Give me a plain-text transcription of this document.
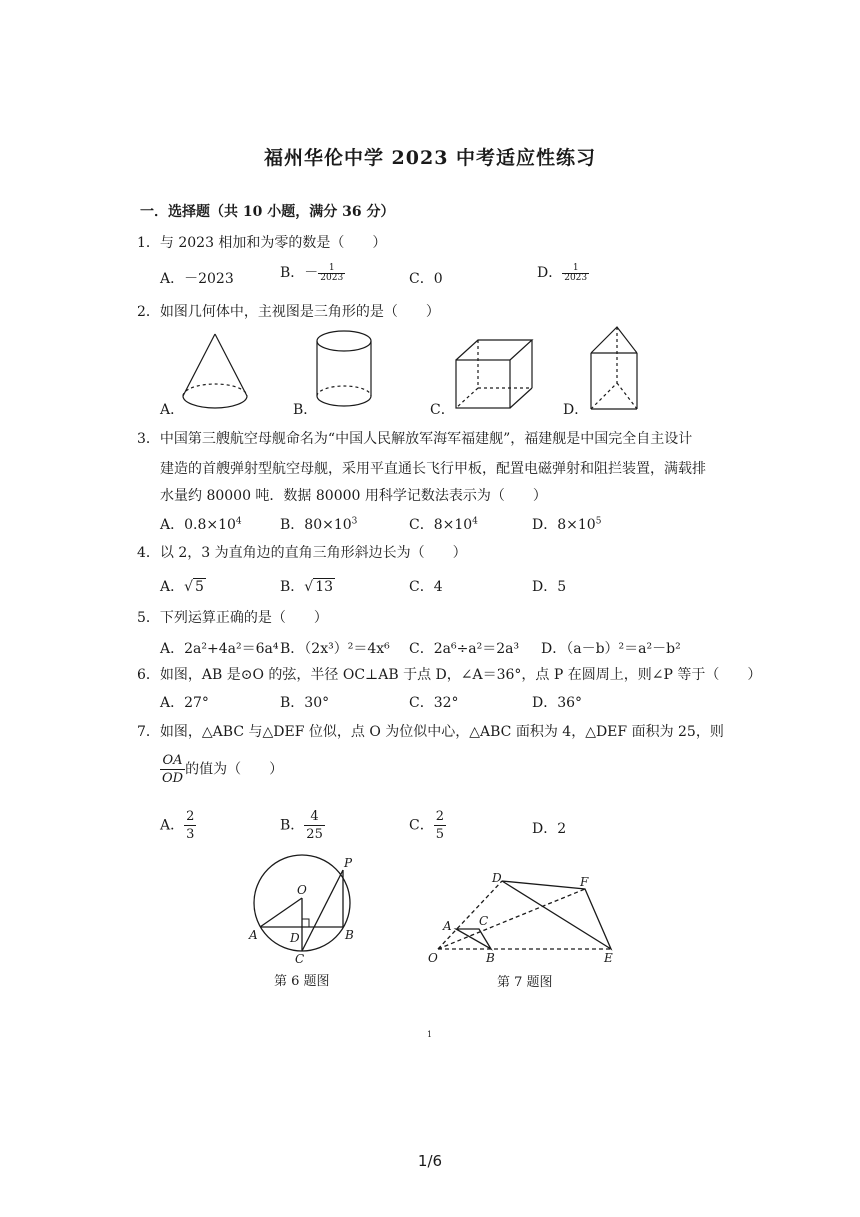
福州华伦中学 2023 中考适应性练习
一．选择题（共 10 小题，满分 36 分）
1．与 2023 相加和为零的数是（　　）
A．－2023	B．－ $\frac{1}{2023}$	C．0	D． $\frac{1}{2023}$
2．如图几何体中，主视图是三角形的是（　　）
A．	B．	C．	D．
3．中国第三艘航空母舰命名为“中国人民解放军海军福建舰”，福建舰是中国完全自主设计
建造的首艘弹射型航空母舰，采用平直通长飞行甲板，配置电磁弹射和阻拦装置，满载排
水量约 80000 吨．数据 80000 用科学记数法表示为（　　）
A．$0.8\times 10^4$	B．$80\times 10^3$	C．$8\times 10^4$	D．$8\times 10^5$
4．以 2，3 为直角边的直角三角形斜边长为（　　）
A．√ 5	B．√ 13	C．4	D．5
5．下列运算正确的是（　　）
A．2a²+4a²＝6a⁴ B．（2x³）²＝4x⁶ C．2a⁶÷a²＝2a³ D．（a－b）²＝a²－b²
6．如图，AB 是⊙O 的弦，半径 OC⊥AB 于点 D，∠A＝36°，点 P 在圆周上，则∠P 等于（　　）
A．27°	B．30°	C．32°	D．36°
7．如图，△ABC 与△DEF 位似，点 O 为位似中心，△ABC 面积为 4，△DEF 面积为 25，则
$\frac{OA}{OD}$ 的值为（　　）
A． $\frac{2}{3}$	B． $\frac{4}{25}$	C． $\frac{2}{5}$	D．2
A	B
C
D
O
P
第 6 题图
A
B
C
D
E
F
O
第 7 题图
1
1/6
